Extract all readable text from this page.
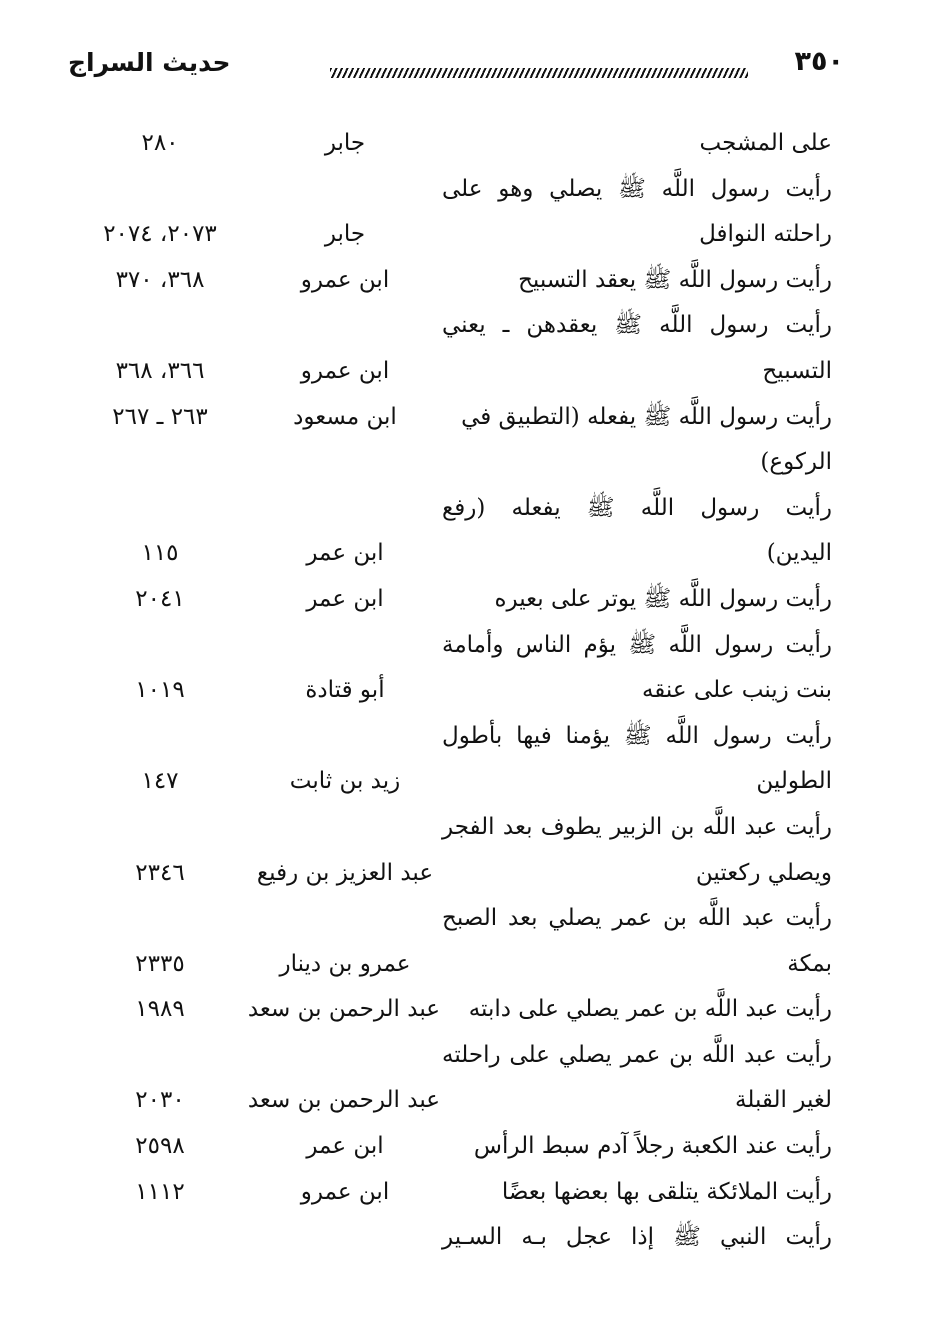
حديث السراج	٣٥٠
على المشجب
جابر
٢٨٠
رأيت رسول اللَّه ﷺ يصلي وهو على
راحلته النوافل
جابر
٢٠٧٣، ٢٠٧٤
رأيت رسول اللَّه ﷺ يعقد التسبيح
ابن عمرو
٣٦٨، ٣٧٠
رأيت رسول اللَّه ﷺ يعقدهن ـ يعني
التسبيح
ابن عمرو
٣٦٦، ٣٦٨
رأيت رسول اللَّه ﷺ يفعله (التطبيق في
ابن مسعود
٢٦٣ ـ ٢٦٧
الركوع)
رأيت رسول اللَّه ﷺ يفعله (رفع
اليدين)
ابن عمر
١١٥
رأيت رسول اللَّه ﷺ يوتر على بعيره
ابن عمر
٢٠٤١
رأيت رسول اللَّه ﷺ يؤم الناس وأمامة
بنت زينب على عنقه
أبو قتادة
١٠١٩
رأيت رسول اللَّه ﷺ يؤمنا فيها بأطول
الطولين
زيد بن ثابت
١٤٧
رأيت عبد اللَّه بن الزبير يطوف بعد الفجر
ويصلي ركعتين
عبد العزيز بن رفيع
٢٣٤٦
رأيت عبد اللَّه بن عمر يصلي بعد الصبح
بمكة
عمرو بن دينار
٢٣٣٥
رأيت عبد اللَّه بن عمر يصلي على دابته
عبد الرحمن بن سعد
١٩٨٩
رأيت عبد اللَّه بن عمر يصلي على راحلته
لغير القبلة
عبد الرحمن بن سعد
٢٠٣٠
رأيت عند الكعبة رجلاً آدم سبط الرأس
ابن عمر
٢٥٩٨
رأيت الملائكة يتلقى بها بعضها بعضًا
ابن عمرو
١١١٢
رأيت النبي ﷺ إذا عجل بـه السـير
